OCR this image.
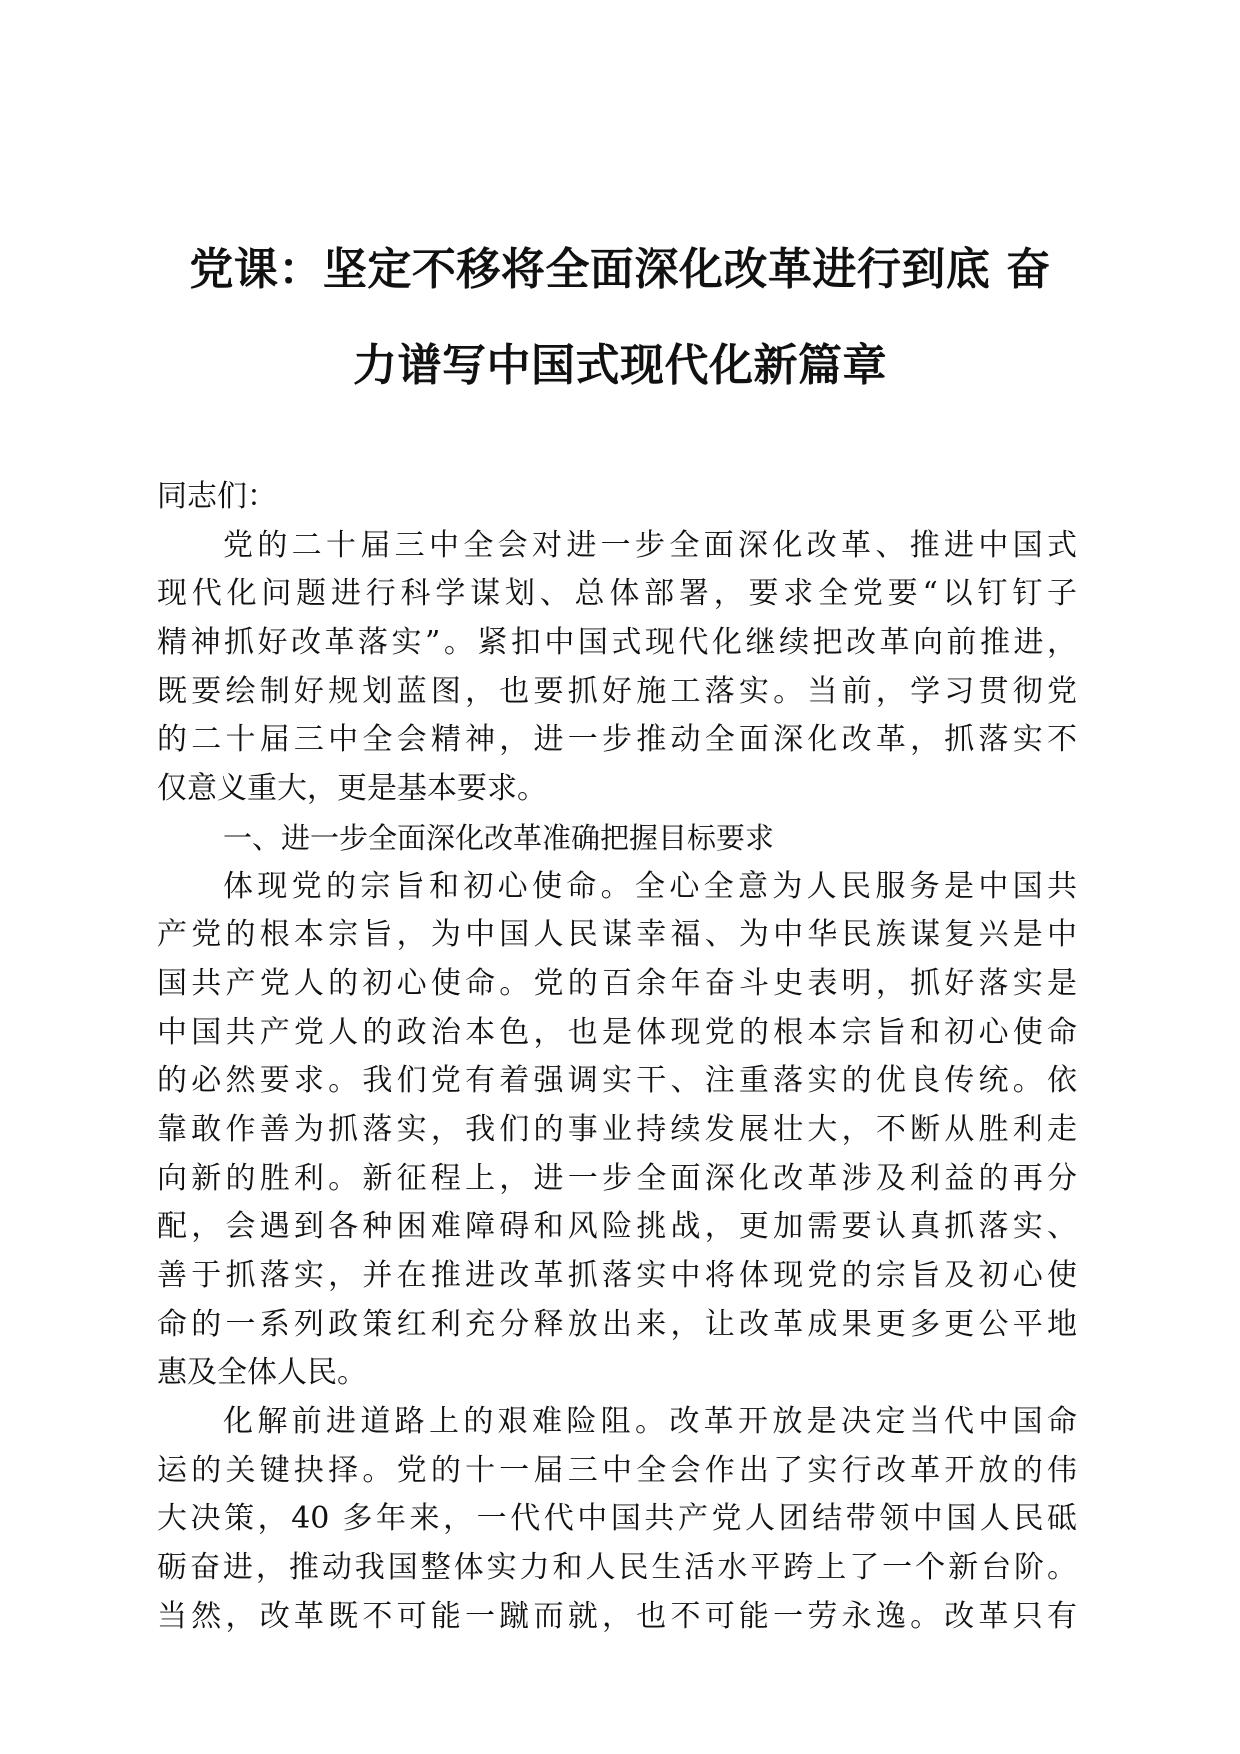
党课：坚定不移将全面深化改革进行到底 奋
力谱写中国式现代化新篇章
同志们：
党的二十届三中全会对进一步全面深化改革、推进中国式
现代化问题进行科学谋划、总体部署，要求全党要“以钉钉子
精神抓好改革落实”。紧扣中国式现代化继续把改革向前推进，
既要绘制好规划蓝图，也要抓好施工落实。当前，学习贯彻党
的二十届三中全会精神，进一步推动全面深化改革，抓落实不
仅意义重大，更是基本要求。
一、进一步全面深化改革准确把握目标要求
体现党的宗旨和初心使命。全心全意为人民服务是中国共
产党的根本宗旨，为中国人民谋幸福、为中华民族谋复兴是中
国共产党人的初心使命。党的百余年奋斗史表明，抓好落实是
中国共产党人的政治本色，也是体现党的根本宗旨和初心使命
的必然要求。我们党有着强调实干、注重落实的优良传统。依
靠敢作善为抓落实，我们的事业持续发展壮大，不断从胜利走
向新的胜利。新征程上，进一步全面深化改革涉及利益的再分
配，会遇到各种困难障碍和风险挑战，更加需要认真抓落实、
善于抓落实，并在推进改革抓落实中将体现党的宗旨及初心使
命的一系列政策红利充分释放出来，让改革成果更多更公平地
惠及全体人民。
化解前进道路上的艰难险阻。改革开放是决定当代中国命
运的关键抉择。党的十一届三中全会作出了实行改革开放的伟
大决策，40 多年来，一代代中国共产党人团结带领中国人民砥
砺奋进，推动我国整体实力和人民生活水平跨上了一个新台阶。
当然，改革既不可能一蹴而就，也不可能一劳永逸。改革只有
